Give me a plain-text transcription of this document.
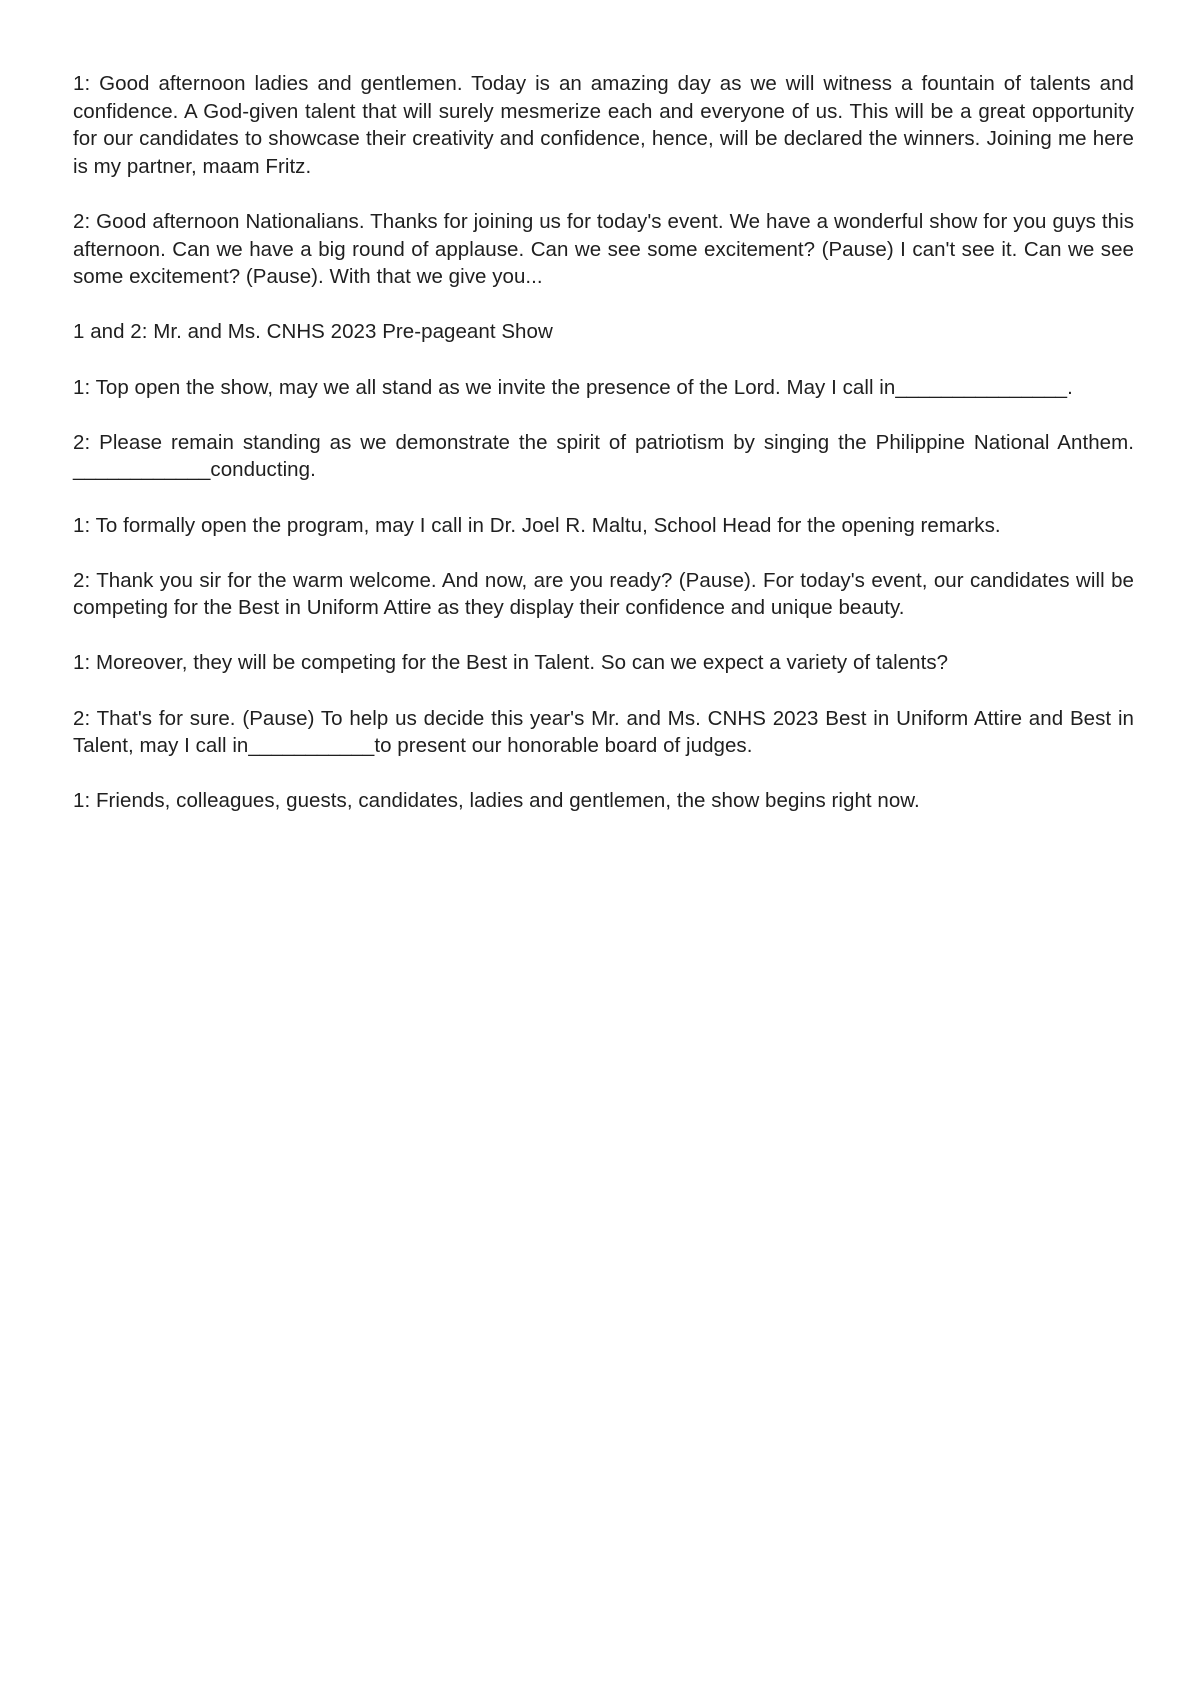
1: Good afternoon ladies and gentlemen. Today is an amazing day as we will witness a fountain of talents and confidence. A God-given talent that will surely mesmerize each and everyone of us. This will be a great opportunity for our candidates to showcase their creativity and confidence, hence, will be declared the winners. Joining me here is my partner, maam Fritz.

2: Good afternoon Nationalians. Thanks for joining us for today's event. We have a wonderful show for you guys this afternoon. Can we have a big round of applause. Can we see some excitement? (Pause) I can't see it. Can we see some excitement? (Pause). With that we give you...

1 and 2: Mr. and Ms. CNHS 2023 Pre-pageant Show

1: Top open the show, may we all stand as we invite the presence of the Lord. May I call in_______________.

2: Please remain standing as we demonstrate the spirit of patriotism by singing the Philippine National Anthem. ____________conducting.

1: To formally open the program, may I call in Dr. Joel R. Maltu, School Head for the opening remarks.

2: Thank you sir for the warm welcome. And now, are you ready? (Pause). For today's event, our candidates will be competing for the Best in Uniform Attire as they display their confidence and unique beauty.

1: Moreover, they will be competing for the Best in Talent. So can we expect a variety of talents?

2: That's for sure. (Pause) To help us decide this year's Mr. and Ms. CNHS 2023 Best in Uniform Attire and Best in Talent, may I call in___________to present our honorable board of judges.

1: Friends, colleagues, guests, candidates, ladies and gentlemen, the show begins right now.
